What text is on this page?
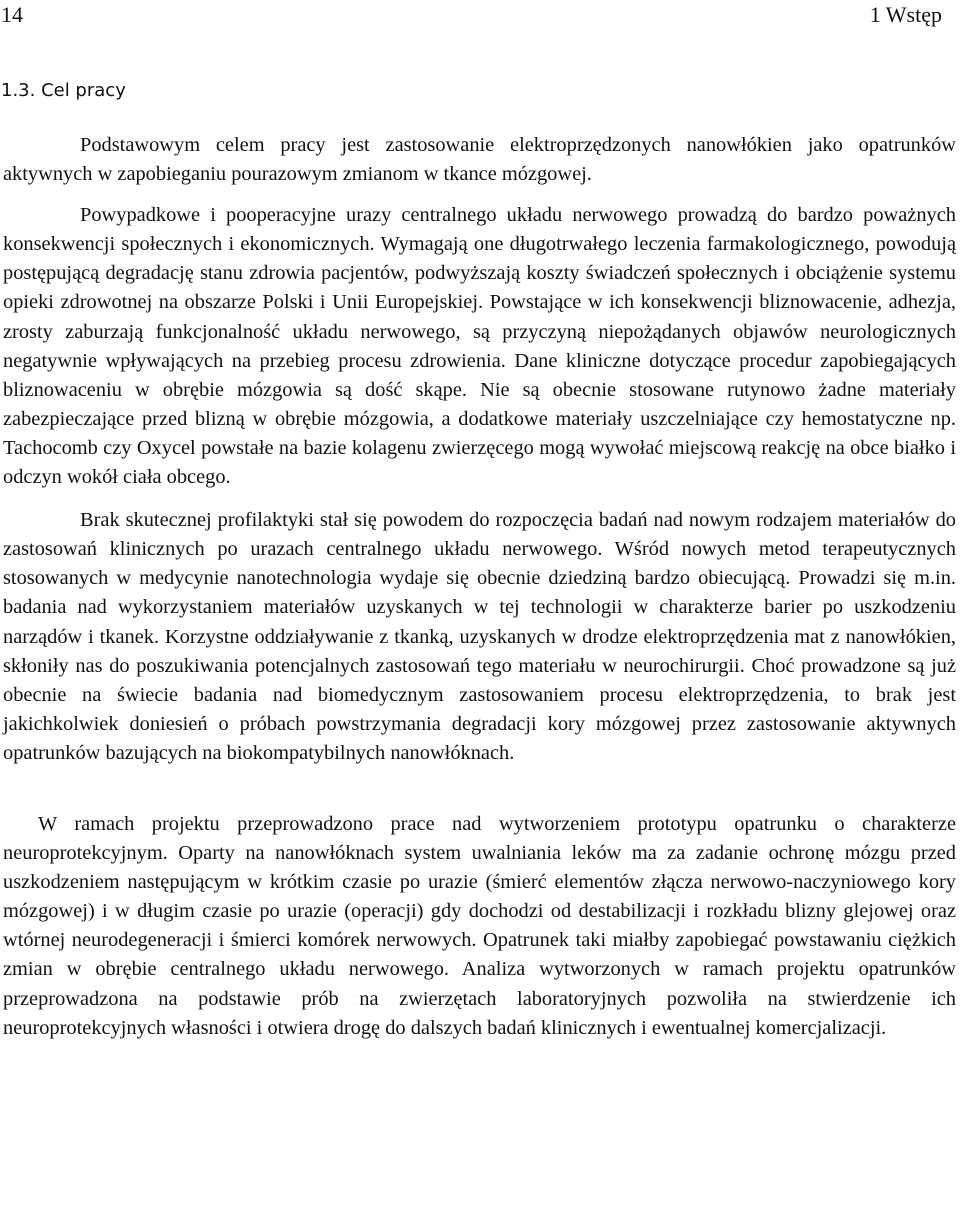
14	1 Wstęp
1.3. Cel pracy

Podstawowym celem pracy jest zastosowanie elektroprzędzonych nanowłókien jako opatrunków aktywnych w zapobieganiu pourazowym zmianom w tkance mózgowej.

Powypadkowe i pooperacyjne urazy centralnego układu nerwowego prowadzą do bardzo poważnych konsekwencji społecznych i ekonomicznych. Wymagają one długotrwałego leczenia farmakologicznego, powodują postępującą degradację stanu zdrowia pacjentów, podwyższają koszty świadczeń społecznych i obciążenie systemu opieki zdrowotnej na obszarze Polski i Unii Europejskiej. Powstające w ich konsekwencji bliznowacenie, adhezja, zrosty zaburzają funkcjonalność układu nerwowego, są przyczyną niepożądanych objawów neurologicznych negatywnie wpływających na przebieg procesu zdrowienia. Dane kliniczne dotyczące procedur zapobiegających bliznowaceniu w obrębie mózgowia są dość skąpe. Nie są obecnie stosowane rutynowo żadne materiały zabezpieczające przed blizną w obrębie mózgowia, a dodatkowe materiały uszczelniające czy hemostatyczne np. Tachocomb czy Oxycel powstałe na bazie kolagenu zwierzęcego mogą wywołać miejscową reakcję na obce białko i odczyn wokół ciała obcego.

Brak skutecznej profilaktyki stał się powodem do rozpoczęcia badań nad nowym rodzajem materiałów do zastosowań klinicznych po urazach centralnego układu nerwowego. Wśród nowych metod terapeutycznych stosowanych w medycynie nanotechnologia wydaje się obecnie dziedziną bardzo obiecującą. Prowadzi się m.in. badania nad wykorzystaniem materiałów uzyskanych w tej technologii w charakterze barier po uszkodzeniu narządów i tkanek. Korzystne oddziaływanie z tkanką, uzyskanych w drodze elektroprzędzenia mat z nanowłókien, skłoniły nas do poszukiwania potencjalnych zastosowań tego materiału w neurochirurgii. Choć prowadzone są już obecnie na świecie badania nad biomedycznym zastosowaniem procesu elektroprzędzenia, to brak jest jakichkolwiek doniesień o próbach powstrzymania degradacji kory mózgowej przez zastosowanie aktywnych opatrunków bazujących na biokompatybilnych nanowłóknach.

W ramach projektu przeprowadzono prace nad wytworzeniem prototypu opatrunku o charakterze neuroprotekcyjnym. Oparty na nanowłóknach system uwalniania leków ma za zadanie ochronę mózgu przed uszkodzeniem następującym w krótkim czasie po urazie (śmierć elementów złącza nerwowo-naczyniowego kory mózgowej) i w długim czasie po urazie (operacji) gdy dochodzi od destabilizacji i rozkładu blizny glejowej oraz wtórnej neurodegeneracji i śmierci komórek nerwowych. Opatrunek taki miałby zapobiegać powstawaniu ciężkich zmian w obrębie centralnego układu nerwowego. Analiza wytworzonych w ramach projektu opatrunków przeprowadzona na podstawie prób na zwierzętach laboratoryjnych pozwoliła na stwierdzenie ich neuroprotekcyjnych własności i otwiera drogę do dalszych badań klinicznych i ewentualnej komercjalizacji.
